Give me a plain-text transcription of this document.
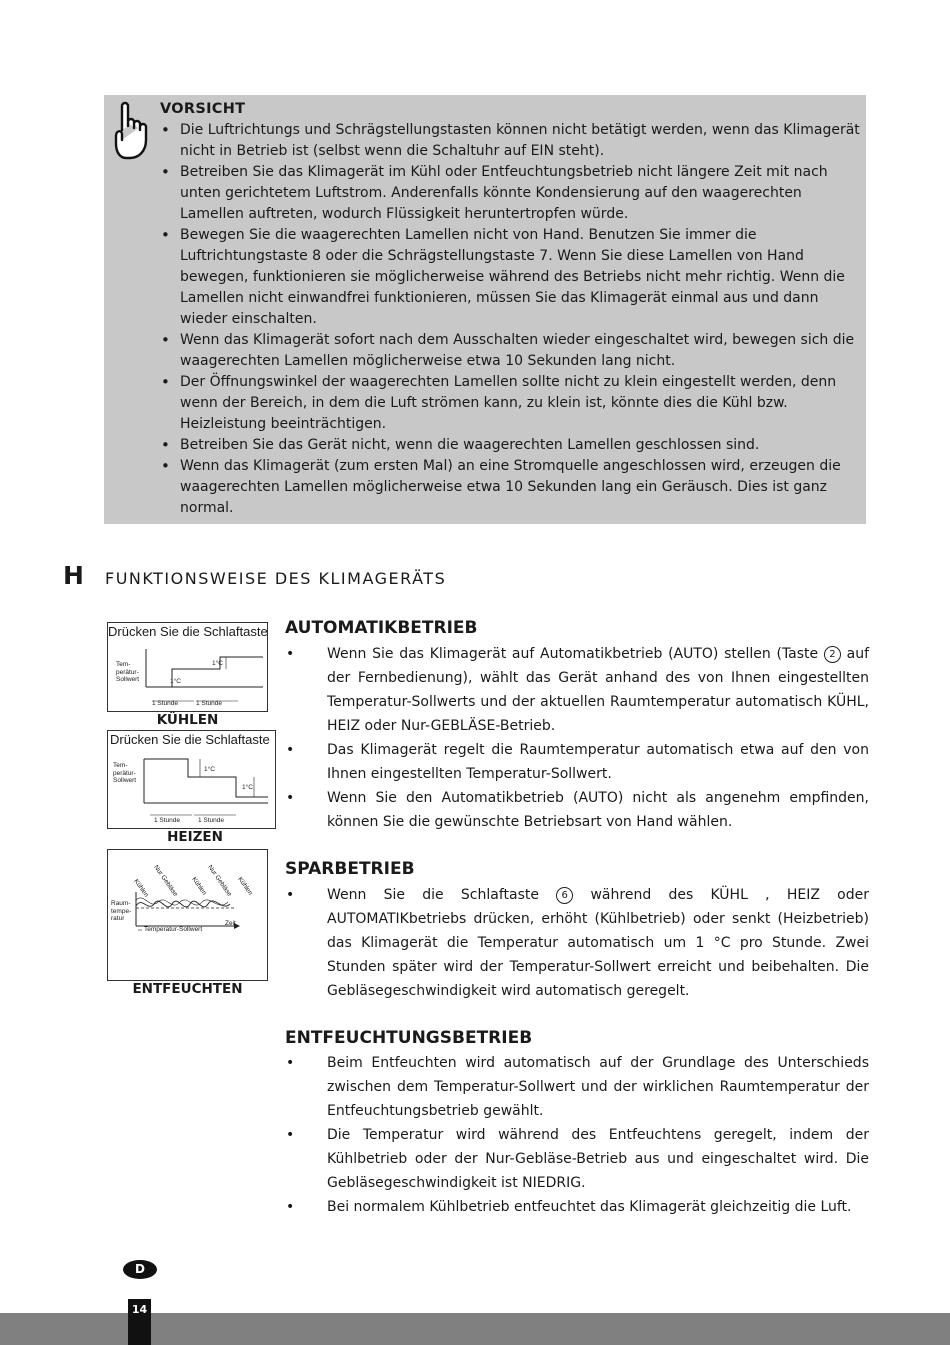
VORSICHT
• Die Luftrichtungs und Schrägstellungstasten können nicht betätigt werden, wenn das Klimagerät nicht in Betrieb ist (selbst wenn die Schaltuhr auf EIN steht).
• Betreiben Sie das Klimagerät im Kühl oder Entfeuchtungsbetrieb nicht längere Zeit mit nach unten gerichtetem Luftstrom. Anderenfalls könnte Kondensierung auf den waagerechten Lamellen auftreten, wodurch Flüssigkeit heruntertropfen würde.
• Bewegen Sie die waagerechten Lamellen nicht von Hand. Benutzen Sie immer die Luftrichtungstaste 8 oder die Schrägstellungstaste 7. Wenn Sie diese Lamellen von Hand bewegen, funktionieren sie möglicherweise während des Betriebs nicht mehr richtig. Wenn die Lamellen nicht einwandfrei funktionieren, müssen Sie das Klimagerät einmal aus und dann wieder einschalten.
• Wenn das Klimagerät sofort nach dem Ausschalten wieder eingeschaltet wird, bewegen sich die waagerechten Lamellen möglicherweise etwa 10 Sekunden lang nicht.
• Der Öffnungswinkel der waagerechten Lamellen sollte nicht zu klein eingestellt werden, denn wenn der Bereich, in dem die Luft strömen kann, zu klein ist, könnte dies die Kühl bzw. Heizleistung beeinträchtigen.
• Betreiben Sie das Gerät nicht, wenn die waagerechten Lamellen geschlossen sind.
• Wenn das Klimagerät (zum ersten Mal) an eine Stromquelle angeschlossen wird, erzeugen die waagerechten Lamellen möglicherweise etwa 10 Sekunden lang ein Geräusch. Dies ist ganz normal.
H FUNKTIONSWEISE DES KLIMAGERÄTS
Drücken Sie die Schlaftaste
Tem-
perätur-
Sollwert	1°C
1°C
1 Stunde	1 Stunde
KÜHLEN
Drücken Sie die Schlaftaste
Tem-
perätur-
Sollwert
1°C
1°C
1 Stunde	1 Stunde
HEIZEN
Raum-
tempe-
ratur
Kühlen Nur Gebläse Kühlen
Nur Gebläse Kühlen
Temperatur-Sollwert
Zeit
ENTFEUCHTEN
AUTOMATIKBETRIEB
• Wenn Sie das Klimagerät auf Automatikbetrieb (AUTO) stellen (Taste 2 auf der Fernbedienung), wählt das Gerät anhand des von Ihnen eingestellten Temperatur-Sollwerts und der aktuellen Raumtemperatur automatisch KÜHL, HEIZ oder Nur-GEBLÄSE-Betrieb.
• Das Klimagerät regelt die Raumtemperatur automatisch etwa auf den von Ihnen eingestellten Temperatur-Sollwert.
• Wenn Sie den Automatikbetrieb (AUTO) nicht als angenehm empfinden, können Sie die gewünschte Betriebsart von Hand wählen.
SPARBETRIEB
• Wenn Sie die Schlaftaste 6 während des KÜHL , HEIZ oder AUTOMATIKbetriebs drücken, erhöht (Kühlbetrieb) oder senkt (Heizbetrieb) das Klimagerät die Temperatur automatisch um 1 °C pro Stunde. Zwei Stunden später wird der Temperatur-Sollwert erreicht und beibehalten. Die Gebläsegeschwindigkeit wird automatisch geregelt.
ENTFEUCHTUNGSBETRIEB
• Beim Entfeuchten wird automatisch auf der Grundlage des Unterschieds zwischen dem Temperatur-Sollwert und der wirklichen Raumtemperatur der Entfeuchtungsbetrieb gewählt.
• Die Temperatur wird während des Entfeuchtens geregelt, indem der Kühlbetrieb oder der Nur-Gebläse-Betrieb aus und eingeschaltet wird. Die Gebläsegeschwindigkeit ist NIEDRIG.
• Bei normalem Kühlbetrieb entfeuchtet das Klimagerät gleichzeitig die Luft.
D
14
